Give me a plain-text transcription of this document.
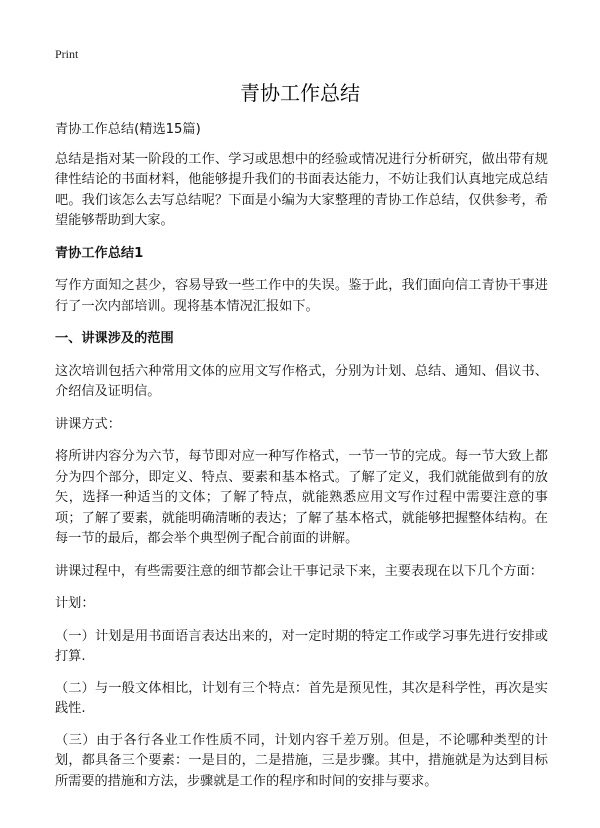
Print
青协工作总结

青协工作总结(精选15篇)

总结是指对某一阶段的工作、学习或思想中的经验或情况进行分析研究，做出带有规律性结论的书面材料，他能够提升我们的书面表达能力，不妨让我们认真地完成总结吧。我们该怎么去写总结呢？下面是小编为大家整理的青协工作总结，仅供参考，希望能够帮助到大家。

青协工作总结1

写作方面知之甚少，容易导致一些工作中的失误。鉴于此，我们面向信工青协干事进行了一次内部培训。现将基本情况汇报如下。

一、讲课涉及的范围

这次培训包括六种常用文体的应用文写作格式，分别为计划、总结、通知、倡议书、介绍信及证明信。

讲课方式：

将所讲内容分为六节，每节即对应一种写作格式，一节一节的完成。每一节大致上都分为四个部分，即定义、特点、要素和基本格式。了解了定义，我们就能做到有的放矢，选择一种适当的文体；了解了特点，就能熟悉应用文写作过程中需要注意的事项；了解了要素，就能明确清晰的表达；了解了基本格式，就能够把握整体结构。在每一节的最后，都会举个典型例子配合前面的讲解。

讲课过程中，有些需要注意的细节都会让干事记录下来，主要表现在以下几个方面：

计划：

（一）计划是用书面语言表达出来的，对一定时期的特定工作或学习事先进行安排或打算.

（二）与一般文体相比，计划有三个特点：首先是预见性，其次是科学性，再次是实践性.

（三）由于各行各业工作性质不同，计划内容千差万别。但是，不论哪种类型的计划，都具备三个要素：一是目的，二是措施，三是步骤。其中，措施就是为达到目标所需要的措施和方法，步骤就是工作的程序和时间的安排与要求。
